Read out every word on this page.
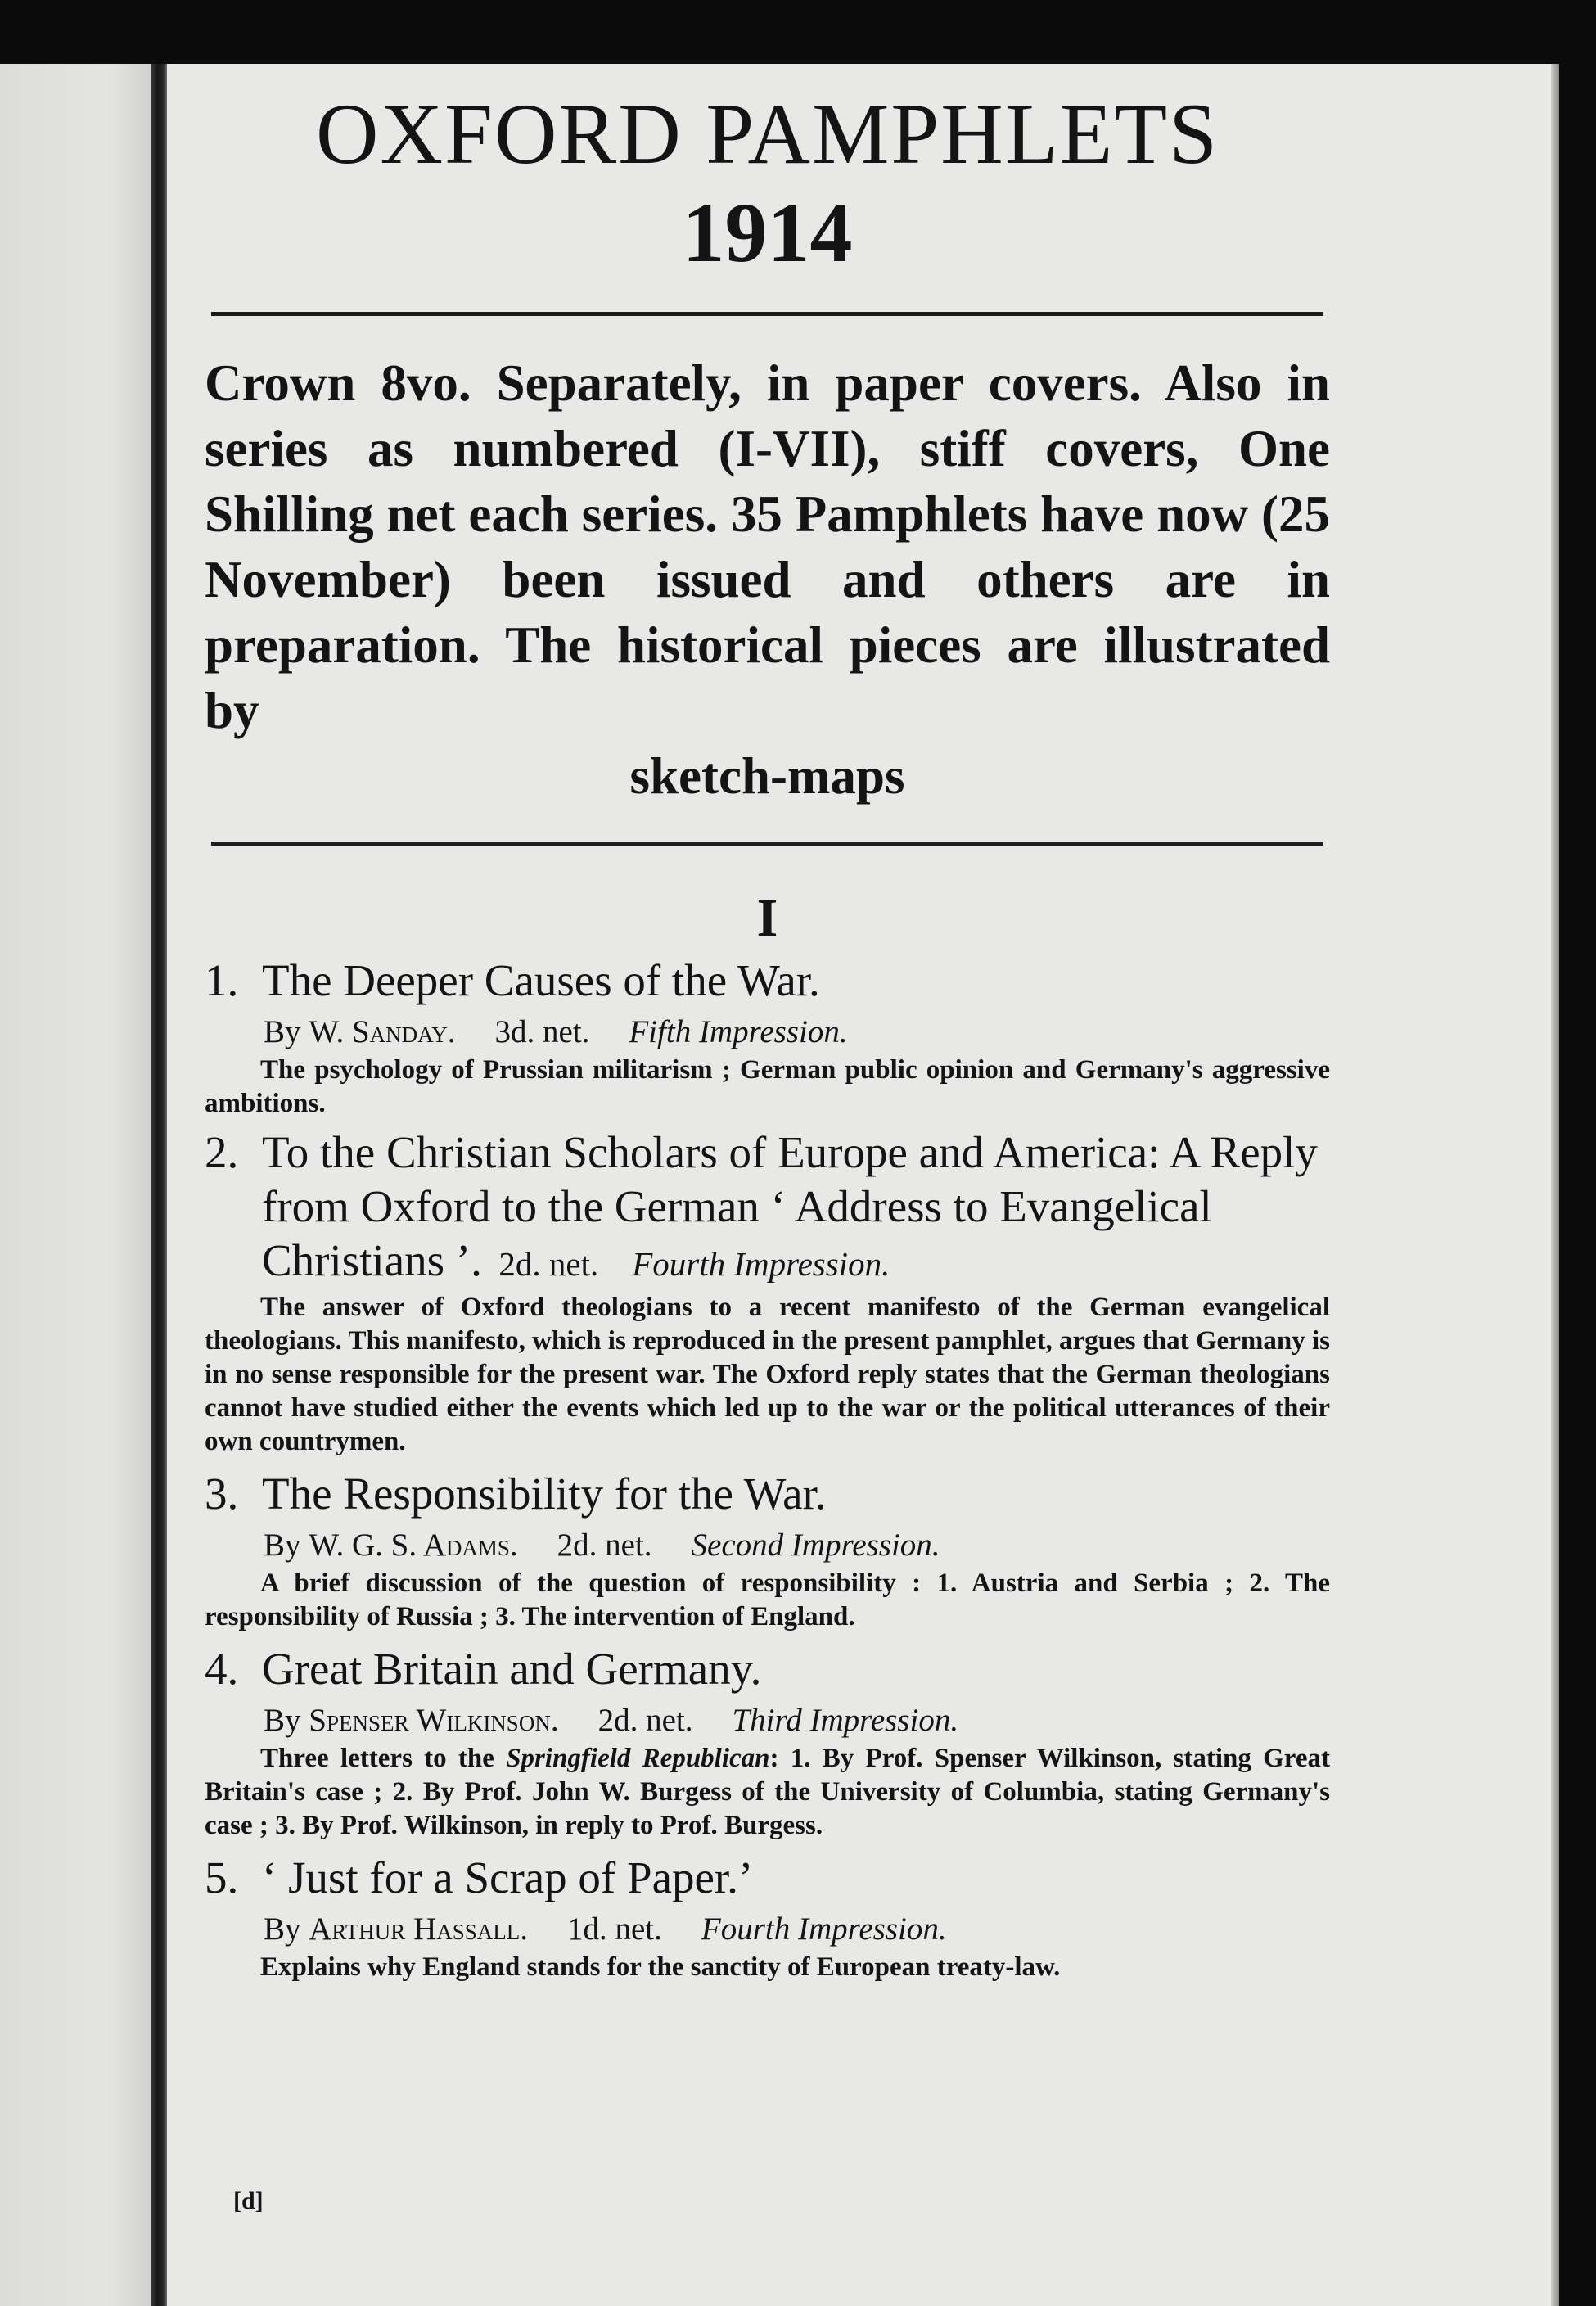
OXFORD PAMPHLETS
1914

Crown 8vo. Separately, in paper covers. Also in series as numbered (I-VII), stiff covers, One Shilling net each series. 35 Pamphlets have now (25 November) been issued and others are in preparation. The historical pieces are illustrated by
sketch-maps

I
1. The Deeper Causes of the War.
By W. Sanday. 3d. net. Fifth Impression.
The psychology of Prussian militarism ; German public opinion and Germany's aggressive ambitions.
2. To the Christian Scholars of Europe and America: A Reply from Oxford to the German ‘ Address to Evangelical Christians ’. 2d. net. Fourth Impression.
The answer of Oxford theologians to a recent manifesto of the German evangelical theologians. This manifesto, which is reproduced in the present pamphlet, argues that Germany is in no sense responsible for the present war. The Oxford reply states that the German theologians cannot have studied either the events which led up to the war or the political utterances of their own countrymen.
3. The Responsibility for the War.
By W. G. S. Adams. 2d. net. Second Impression.
A brief discussion of the question of responsibility : 1. Austria and Serbia ; 2. The responsibility of Russia ; 3. The intervention of England.
4. Great Britain and Germany.
By Spenser Wilkinson. 2d. net. Third Impression.
Three letters to the Springfield Republican: 1. By Prof. Spenser Wilkinson, stating Great Britain's case ; 2. By Prof. John W. Burgess of the University of Columbia, stating Germany's case ; 3. By Prof. Wilkinson, in reply to Prof. Burgess.
5. ‘ Just for a Scrap of Paper.’
By Arthur Hassall. 1d. net. Fourth Impression.
Explains why England stands for the sanctity of European treaty-law.
[d]
